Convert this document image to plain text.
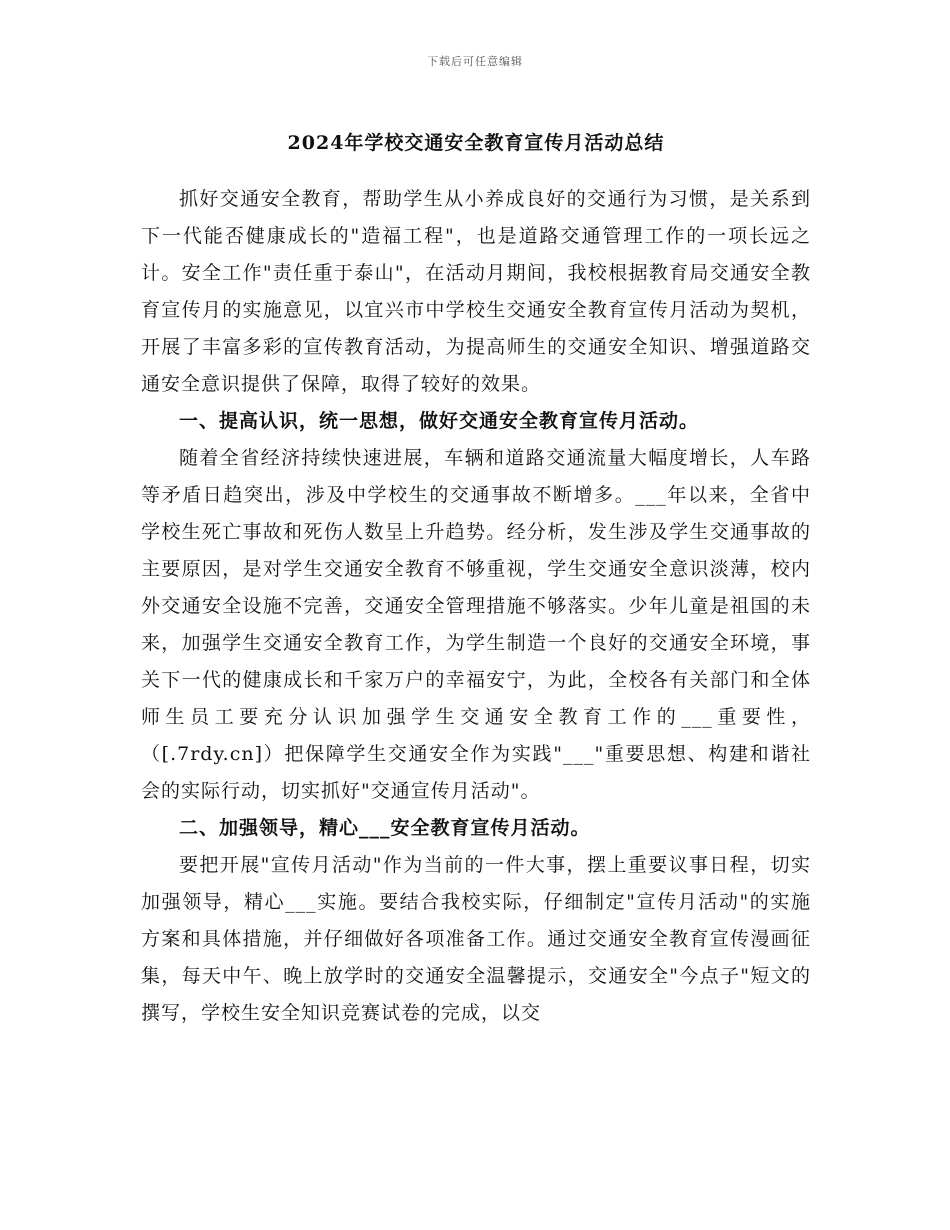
下载后可任意编辑
2024年学校交通安全教育宣传月活动总结

抓好交通安全教育，帮助学生从小养成良好的交通行为习惯，是关系到下一代能否健康成长的"造福工程"，也是道路交通管理工作的一项长远之计。安全工作"责任重于泰山"，在活动月期间，我校根据教育局交通安全教育宣传月的实施意见，以宜兴市中学校生交通安全教育宣传月活动为契机，开展了丰富多彩的宣传教育活动，为提高师生的交通安全知识、增强道路交通安全意识提供了保障，取得了较好的效果。

一、提高认识，统一思想，做好交通安全教育宣传月活动。

随着全省经济持续快速进展，车辆和道路交通流量大幅度增长，人车路等矛盾日趋突出，涉及中学校生的交通事故不断增多。___年以来，全省中学校生死亡事故和死伤人数呈上升趋势。经分析，发生涉及学生交通事故的主要原因，是对学生交通安全教育不够重视，学生交通安全意识淡薄，校内外交通安全设施不完善，交通安全管理措施不够落实。少年儿童是祖国的未来，加强学生交通安全教育工作，为学生制造一个良好的交通安全环境，事关下一代的健康成长和千家万户的幸福安宁，为此，全校各有关部门和全体师生员工要充分认识加强学生交通安全教育工作的___重要性，（[.7rdy.cn]）把保障学生交通安全作为实践"___"重要思想、构建和谐社会的实际行动，切实抓好"交通宣传月活动"。

二、加强领导，精心___安全教育宣传月活动。

要把开展"宣传月活动"作为当前的一件大事，摆上重要议事日程，切实加强领导，精心___实施。要结合我校实际，仔细制定"宣传月活动"的实施方案和具体措施，并仔细做好各项准备工作。通过交通安全教育宣传漫画征集，每天中午、晚上放学时的交通安全温馨提示，交通安全"今点子"短文的撰写，学校生安全知识竞赛试卷的完成，以交
